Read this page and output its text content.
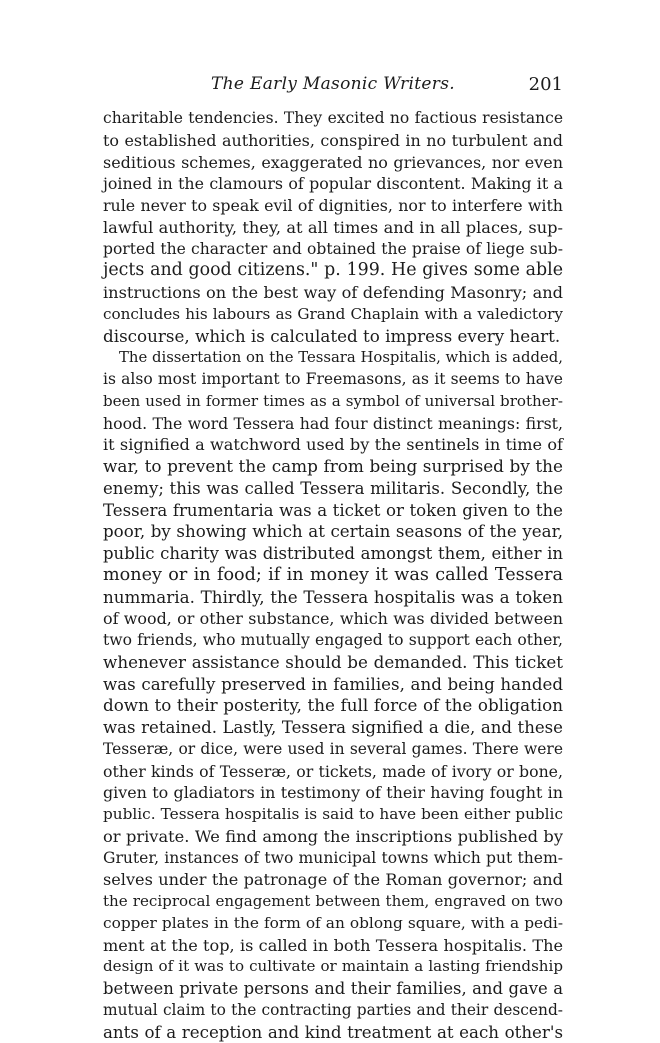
The Early Masonic Writers.	201
charitable tendencies. They excited no factious resistance
to established authorities, conspired in no turbulent and
seditious schemes, exaggerated no grievances, nor even
joined in the clamours of popular discontent. Making it a
rule never to speak evil of dignities, nor to interfere with
lawful authority, they, at all times and in all places, sup-
ported the character and obtained the praise of liege sub-
jects and good citizens." p. 199. He gives some able
instructions on the best way of defending Masonry; and
concludes his labours as Grand Chaplain with a valedictory
discourse, which is calculated to impress every heart.
The dissertation on the Tessara Hospitalis, which is added,
is also most important to Freemasons, as it seems to have
been used in former times as a symbol of universal brother-
hood. The word Tessera had four distinct meanings: first,
it signified a watchword used by the sentinels in time of
war, to prevent the camp from being surprised by the
enemy; this was called Tessera militaris. Secondly, the
Tessera frumentaria was a ticket or token given to the
poor, by showing which at certain seasons of the year,
public charity was distributed amongst them, either in
money or in food; if in money it was called Tessera
nummaria. Thirdly, the Tessera hospitalis was a token
of wood, or other substance, which was divided between
two friends, who mutually engaged to support each other,
whenever assistance should be demanded. This ticket
was carefully preserved in families, and being handed
down to their posterity, the full force of the obligation
was retained. Lastly, Tessera signified a die, and these
Tesseræ, or dice, were used in several games. There were
other kinds of Tesseræ, or tickets, made of ivory or bone,
given to gladiators in testimony of their having fought in
public. Tessera hospitalis is said to have been either public
or private. We find among the inscriptions published by
Gruter, instances of two municipal towns which put them-
selves under the patronage of the Roman governor; and
the reciprocal engagement between them, engraved on two
copper plates in the form of an oblong square, with a pedi-
ment at the top, is called in both Tessera hospitalis. The
design of it was to cultivate or maintain a lasting friendship
between private persons and their families, and gave a
mutual claim to the contracting parties and their descend-
ants of a reception and kind treatment at each other's
